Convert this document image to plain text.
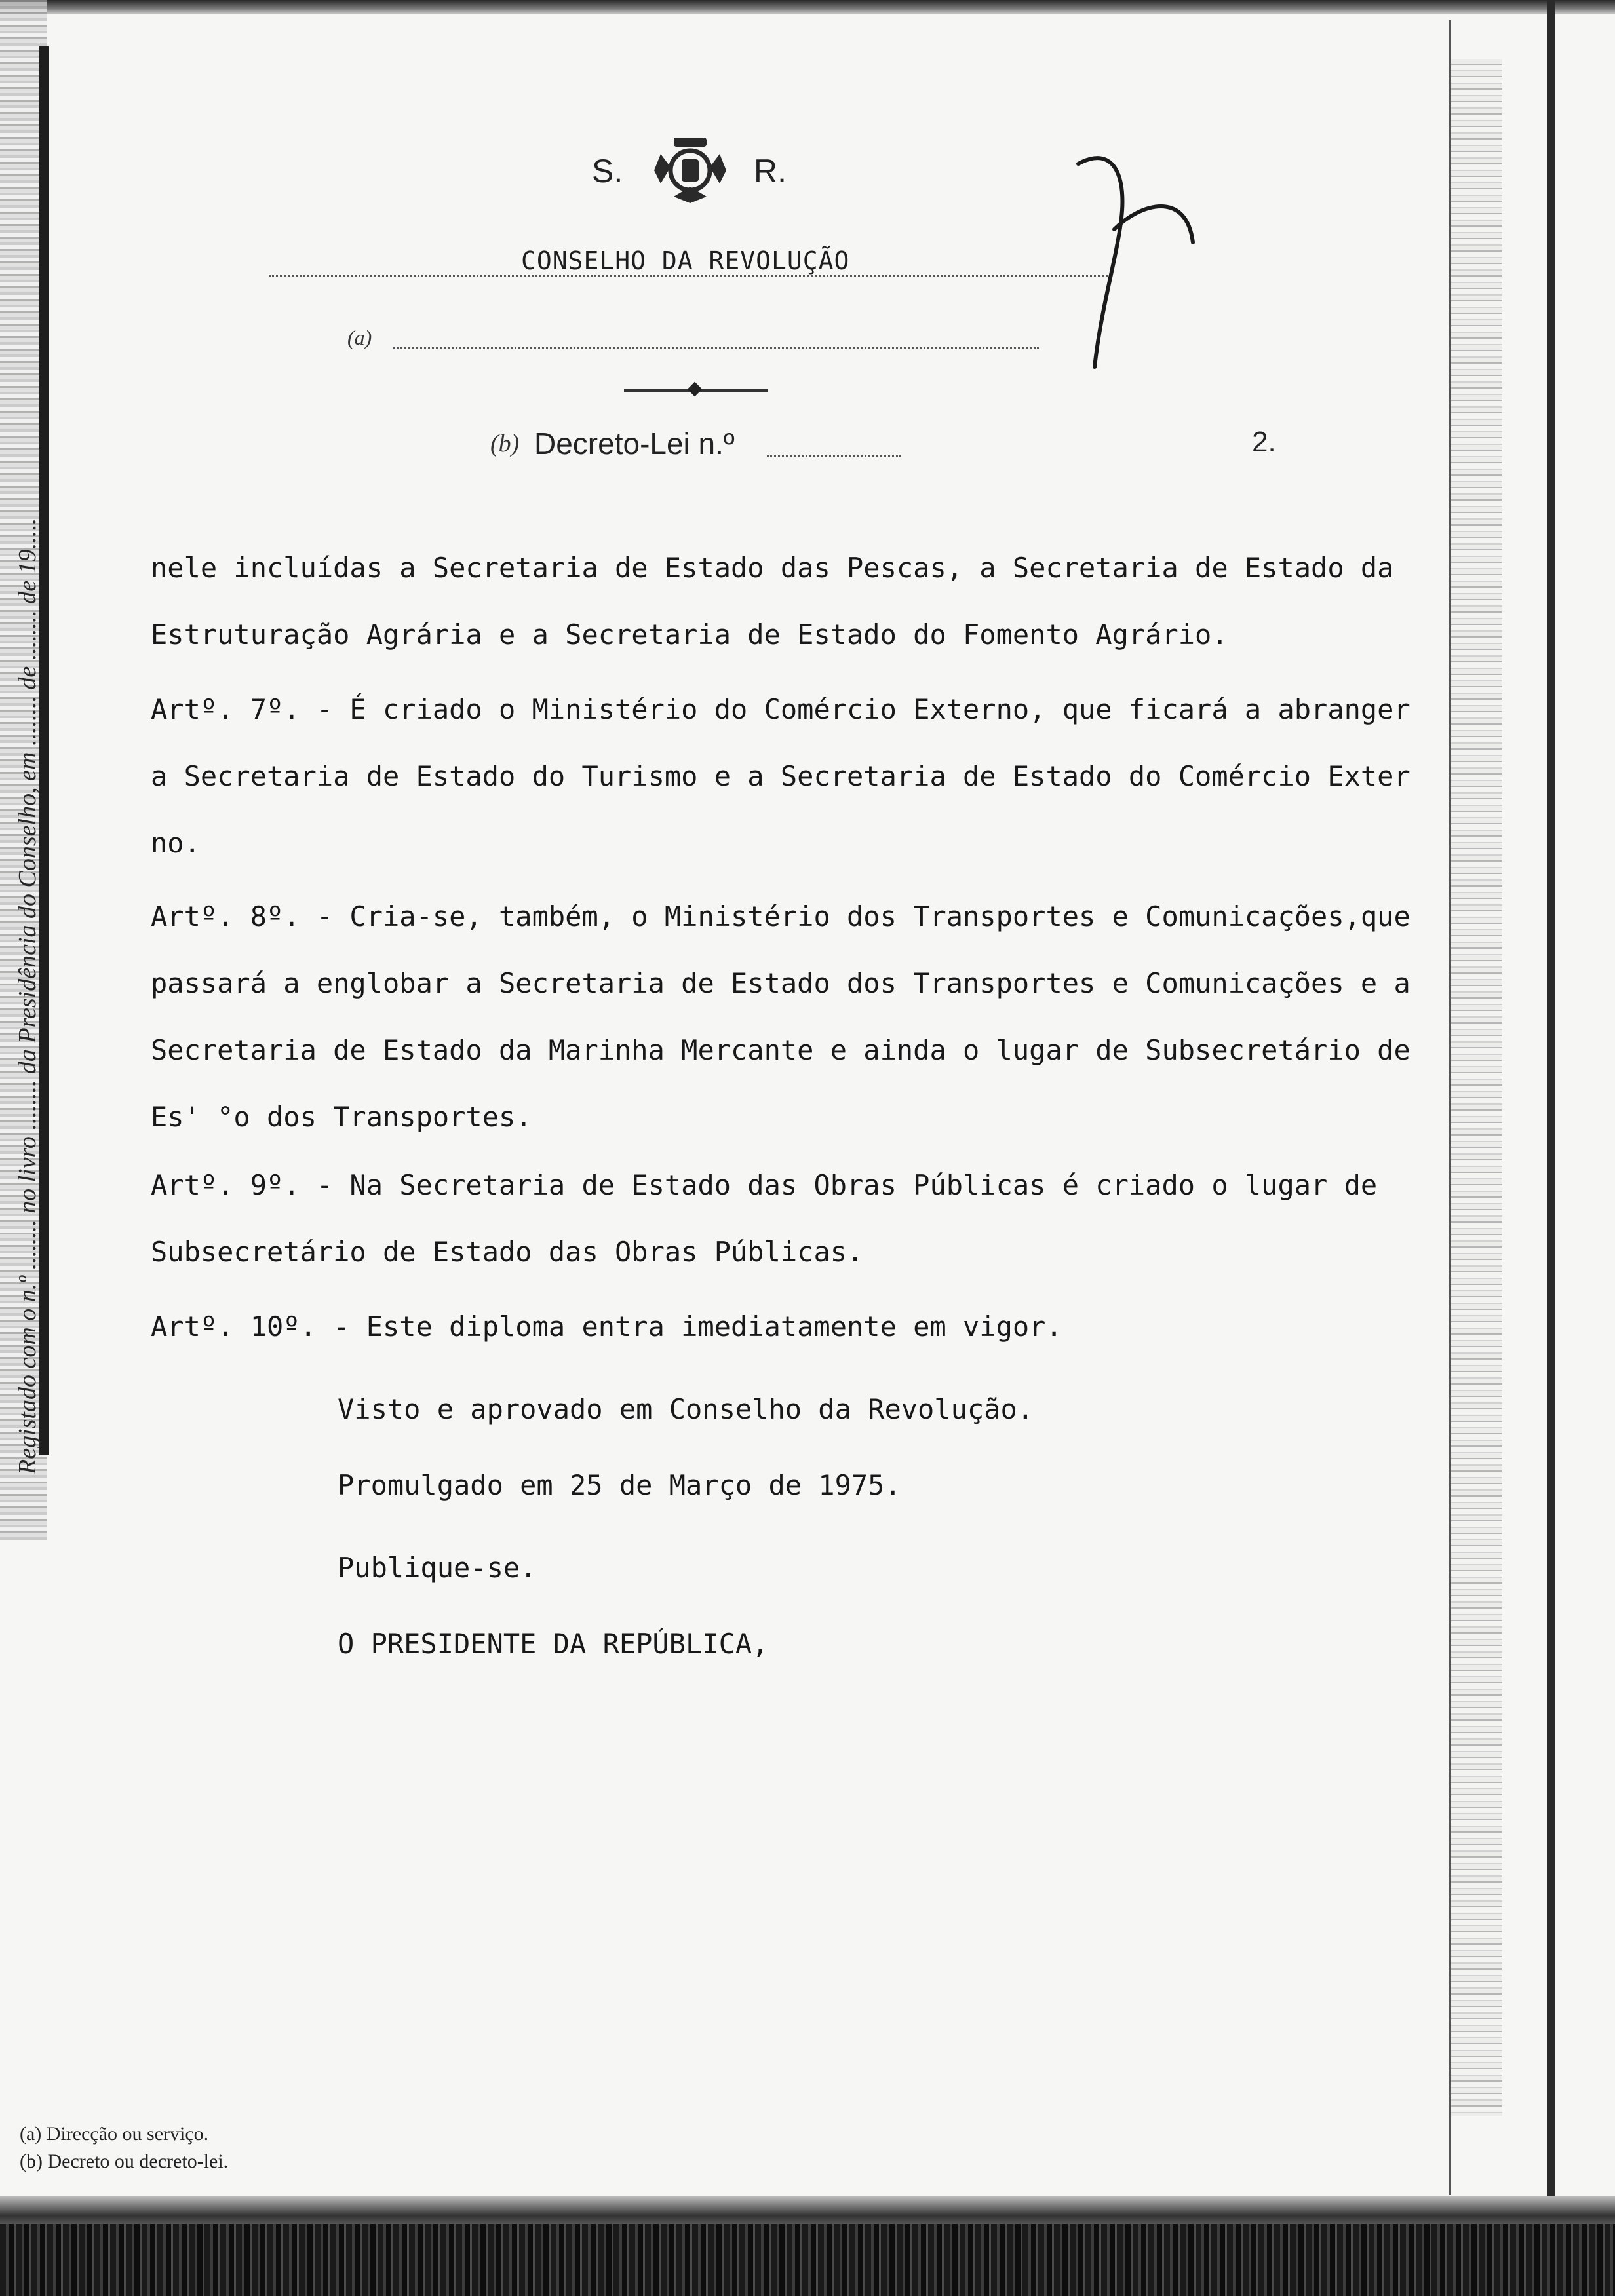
S.	R.
CONSELHO DA REVOLUÇÃO
(a)
(b) Decreto-Lei n.º	2.
nele incluídas a Secretaria de Estado das Pescas, a Secretaria de Estado da
Estruturação Agrária e a Secretaria de Estado do Fomento Agrário.
Artº. 7º. - É criado o Ministério do Comércio Externo, que ficará a abranger
a Secretaria de Estado do Turismo e a Secretaria de Estado do Comércio Exter
no.
Artº. 8º. - Cria-se, também, o Ministério dos Transportes e Comunicações,que
passará a englobar a Secretaria de Estado dos Transportes e Comunicações e a
Secretaria de Estado da Marinha Mercante e ainda o lugar de Subsecretário de
Es' °o dos Transportes.
Artº. 9º. - Na Secretaria de Estado das Obras Públicas é criado o lugar de
Subsecretário de Estado das Obras Públicas.
Artº. 10º. - Este diploma entra imediatamente em vigor.
Visto e aprovado em Conselho da Revolução.
Promulgado em 25 de Março de 1975.
Publique-se.
O PRESIDENTE DA REPÚBLICA,
Registado com o n.º ........ no livro ........ da Presidência do Conselho, em ........ de ........ de 19.....
(a) Direcção ou serviço.
(b) Decreto ou decreto-lei.
